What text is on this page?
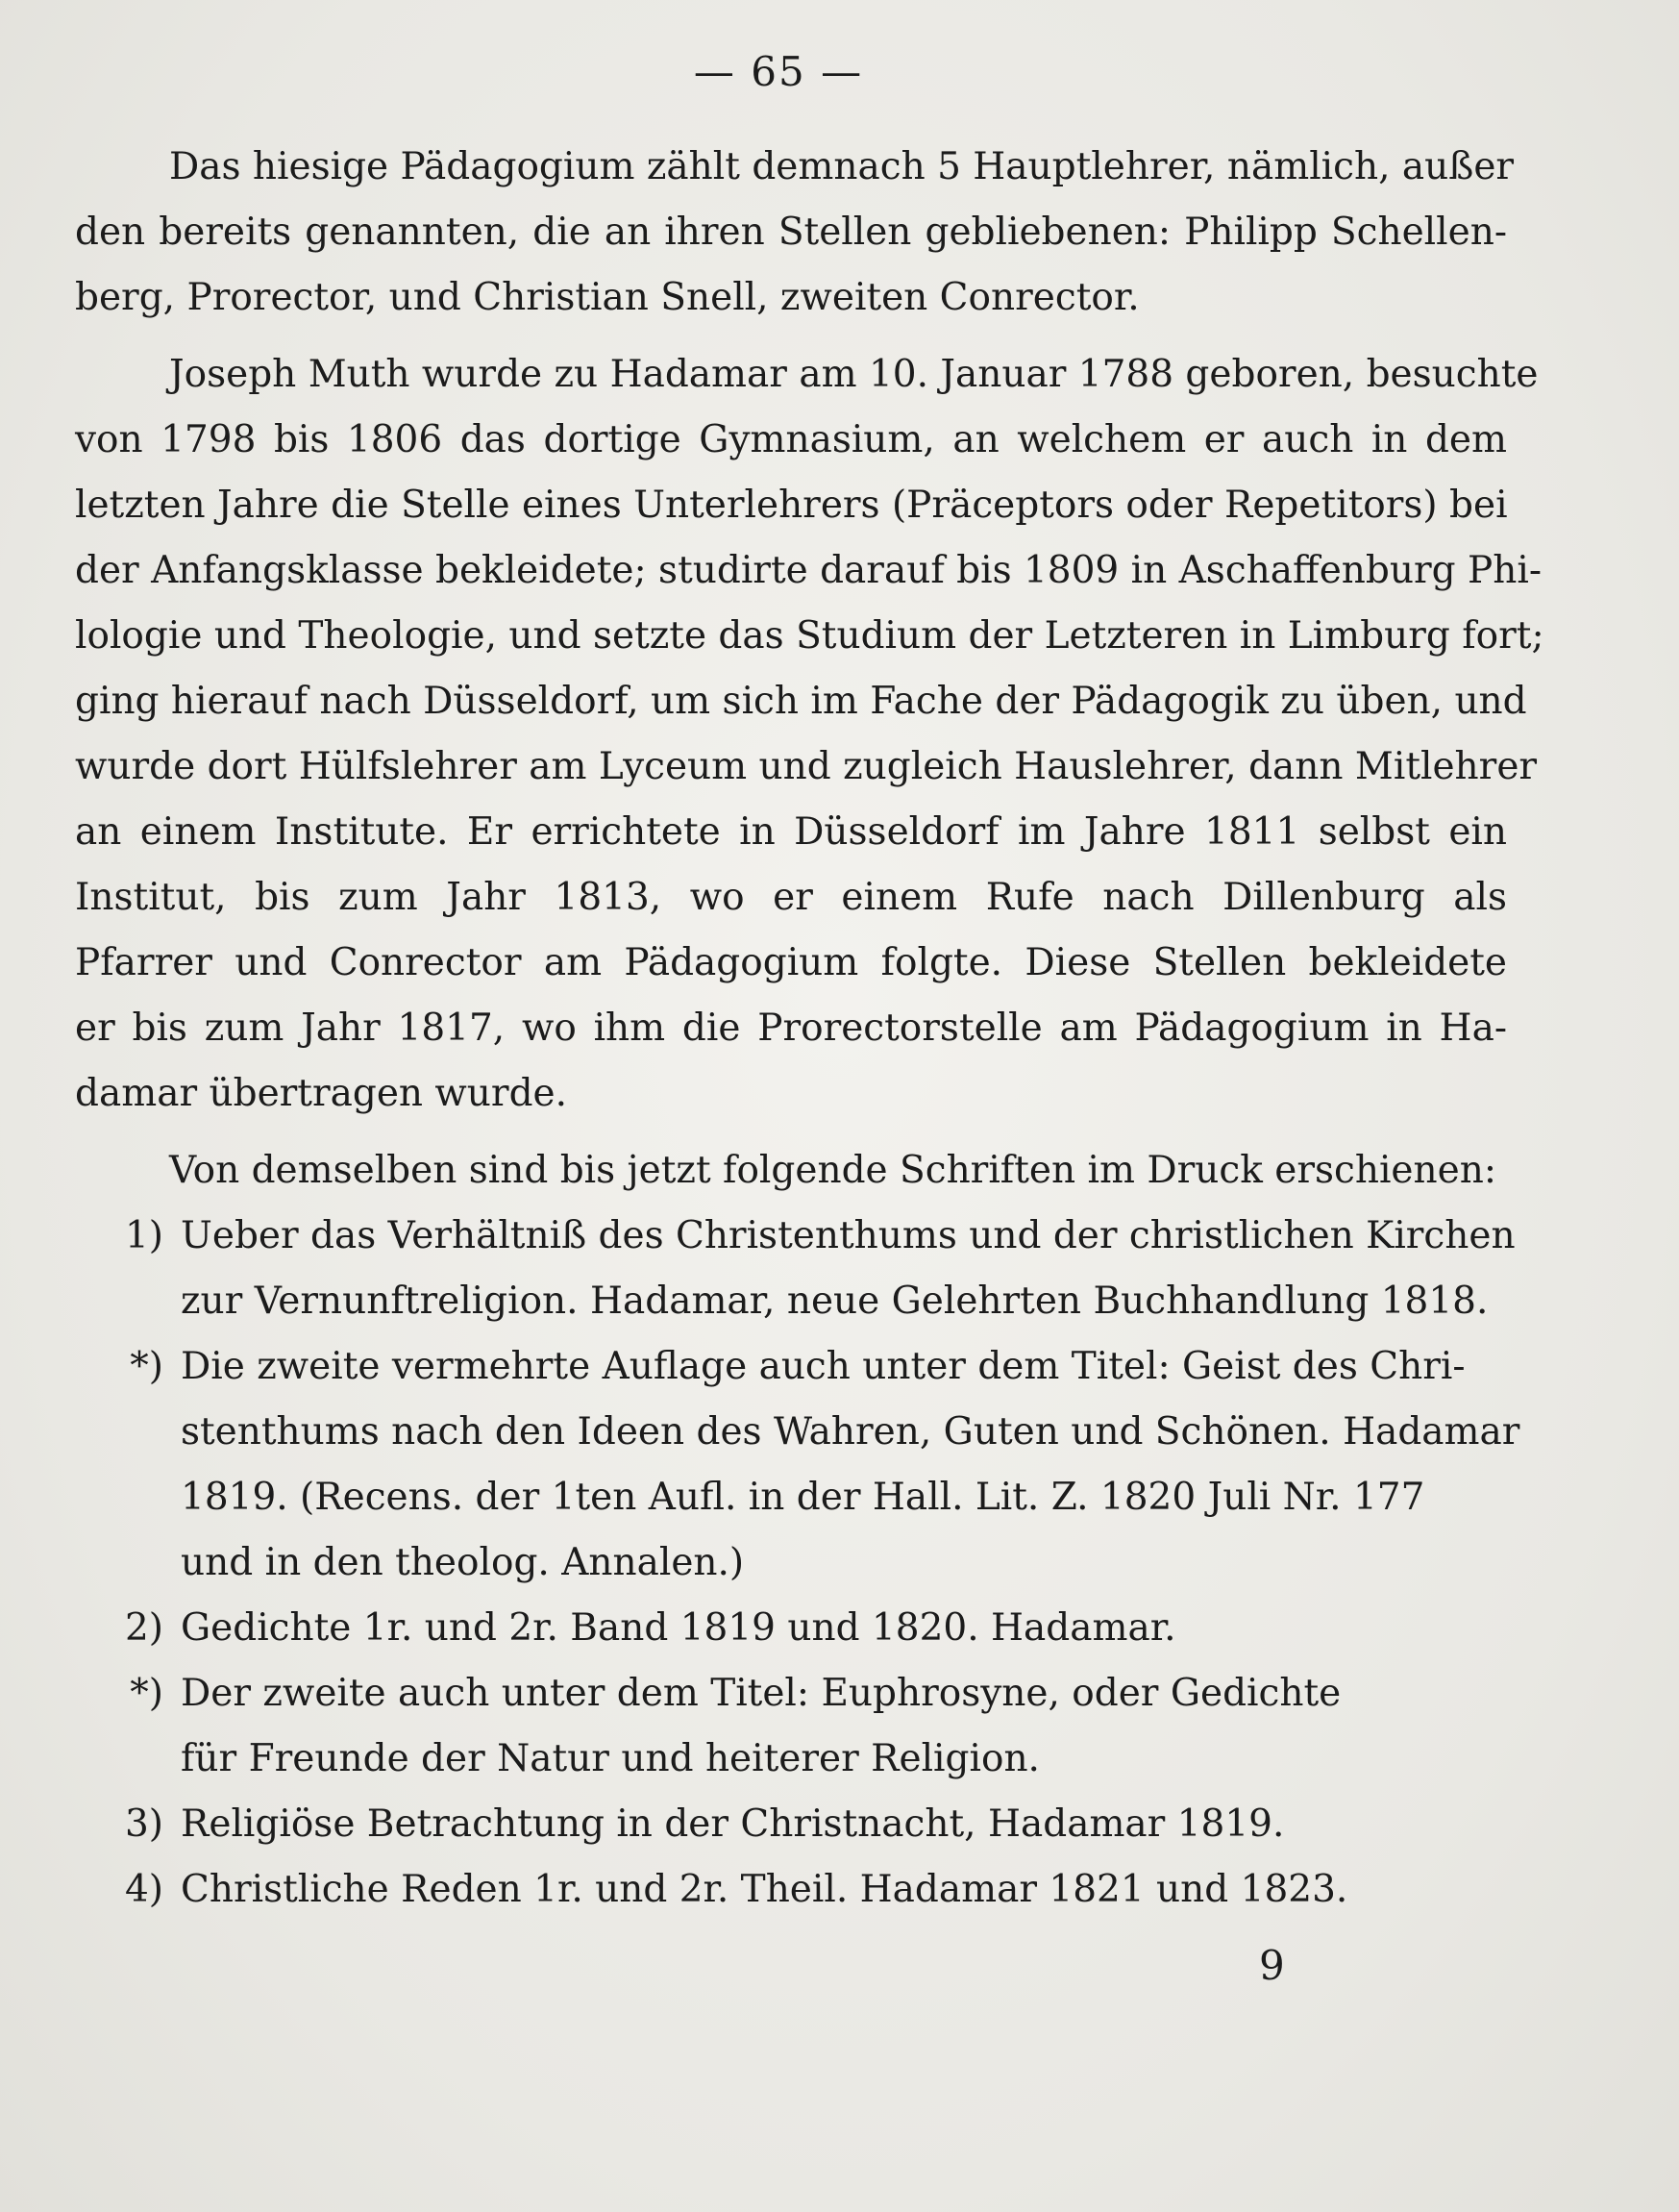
— 65 —
Das hiesige Pädagogium zählt demnach 5 Hauptlehrer, nämlich, außer
den bereits genannten, die an ihren Stellen gebliebenen: Philipp Schellen-
berg, Prorector, und Christian Snell, zweiten Conrector.
Joseph Muth wurde zu Hadamar am 10. Januar 1788 geboren, besuchte
von 1798 bis 1806 das dortige Gymnasium, an welchem er auch in dem
letzten Jahre die Stelle eines Unterlehrers (Präceptors oder Repetitors) bei
der Anfangsklasse bekleidete; studirte darauf bis 1809 in Aschaffenburg Phi-
lologie und Theologie, und setzte das Studium der Letzteren in Limburg fort;
ging hierauf nach Düsseldorf, um sich im Fache der Pädagogik zu üben, und
wurde dort Hülfslehrer am Lyceum und zugleich Hauslehrer, dann Mitlehrer
an einem Institute. Er errichtete in Düsseldorf im Jahre 1811 selbst ein
Institut, bis zum Jahr 1813, wo er einem Rufe nach Dillenburg als
Pfarrer und Conrector am Pädagogium folgte. Diese Stellen bekleidete
er bis zum Jahr 1817, wo ihm die Prorectorstelle am Pädagogium in Ha-
damar übertragen wurde.
Von demselben sind bis jetzt folgende Schriften im Druck erschienen:
1) Ueber das Verhältniß des Christenthums und der christlichen Kirchen
zur Vernunftreligion. Hadamar, neue Gelehrten Buchhandlung 1818.
*) Die zweite vermehrte Auflage auch unter dem Titel: Geist des Chri-
stenthums nach den Ideen des Wahren, Guten und Schönen. Hadamar
1819. (Recens. der 1ten Aufl. in der Hall. Lit. Z. 1820 Juli Nr. 177
und in den theolog. Annalen.)
2) Gedichte 1r. und 2r. Band 1819 und 1820. Hadamar.
*) Der zweite auch unter dem Titel: Euphrosyne, oder Gedichte
für Freunde der Natur und heiterer Religion.
3) Religiöse Betrachtung in der Christnacht, Hadamar 1819.
4) Christliche Reden 1r. und 2r. Theil. Hadamar 1821 und 1823.
9
